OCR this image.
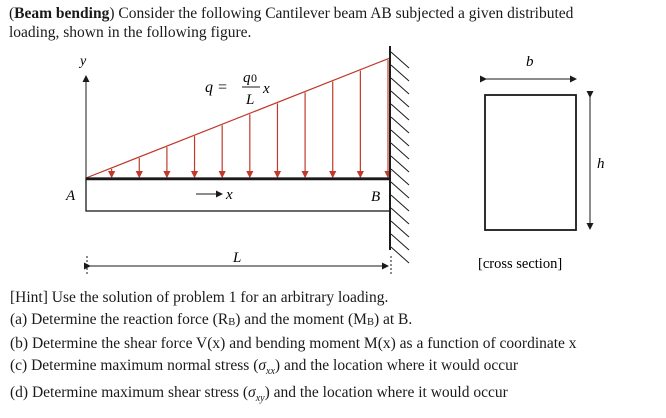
(Beam bending) Consider the following Cantilever beam AB subjected a given distributed
loading, shown in the following figure.

y
q =
q 0
L
x
x
A	B
L
b
h
[cross section]

[Hint] Use the solution of problem 1 for an arbitrary loading.

(a) Determine the reaction force (RB) and the moment (MB) at B.

(b) Determine the shear force V(x) and bending moment M(x) as a function of coordinate x

(c) Determine maximum normal stress $(\sigma_{xx})$ and the location where it would occur

(d) Determine maximum shear stress $(\sigma_{xy})$ and the location where it would occur
